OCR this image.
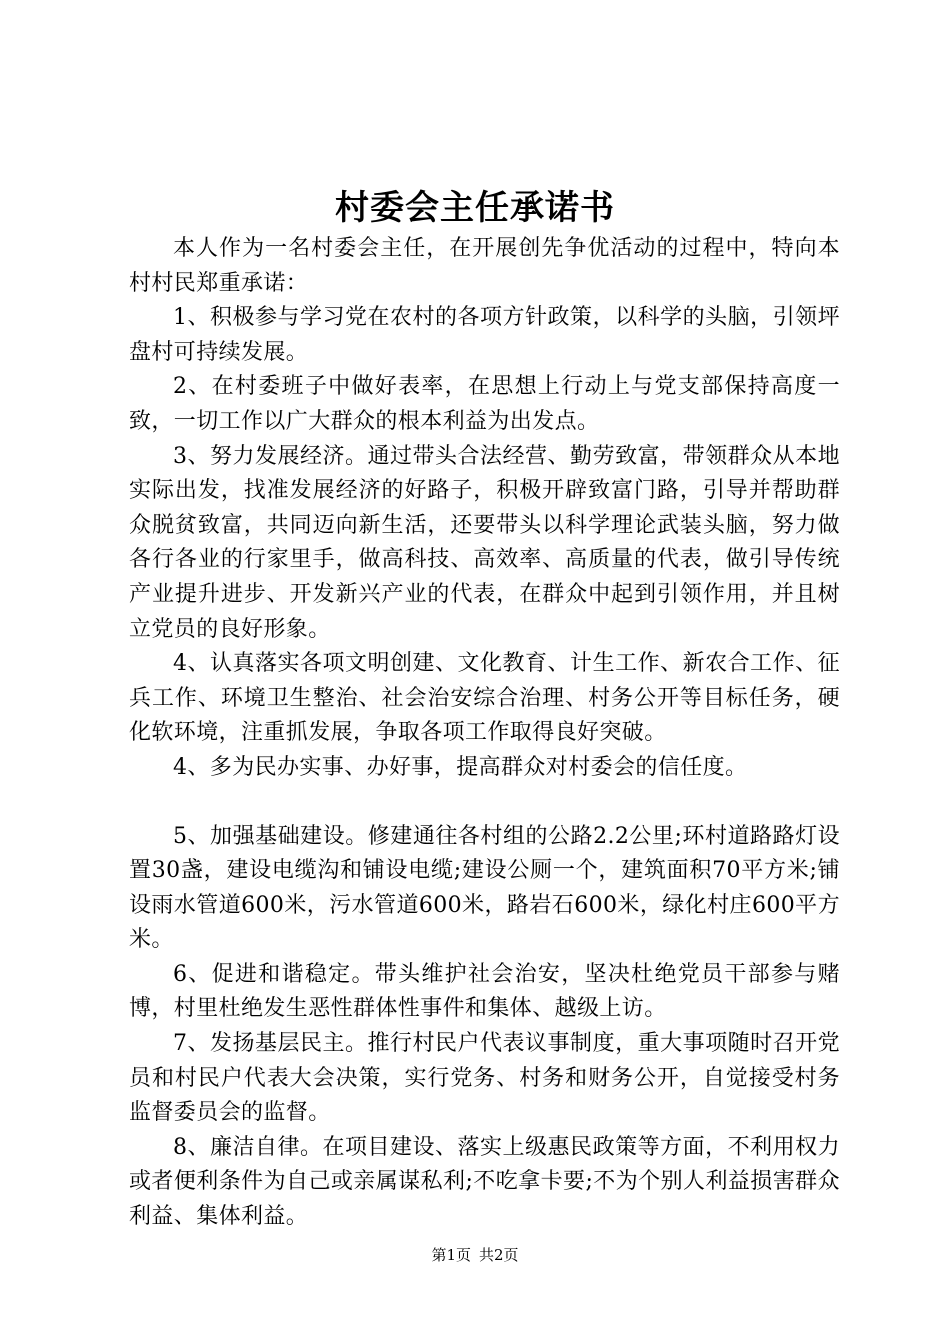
村委会主任承诺书

本人作为一名村委会主任，在开展创先争优活动的过程中，特向本村村民郑重承诺：

1、积极参与学习党在农村的各项方针政策，以科学的头脑，引领坪盘村可持续发展。

2、在村委班子中做好表率，在思想上行动上与党支部保持高度一致，一切工作以广大群众的根本利益为出发点。

3、努力发展经济。通过带头合法经营、勤劳致富，带领群众从本地实际出发，找准发展经济的好路子，积极开辟致富门路，引导并帮助群众脱贫致富，共同迈向新生活，还要带头以科学理论武装头脑，努力做各行各业的行家里手，做高科技、高效率、高质量的代表，做引导传统产业提升进步、开发新兴产业的代表，在群众中起到引领作用，并且树立党员的良好形象。

4、认真落实各项文明创建、文化教育、计生工作、新农合工作、征兵工作、环境卫生整治、社会治安综合治理、村务公开等目标任务，硬化软环境，注重抓发展，争取各项工作取得良好突破。

4、多为民办实事、办好事，提高群众对村委会的信任度。

5、加强基础建设。修建通往各村组的公路2.2公里;环村道路路灯设置30盏，建设电缆沟和铺设电缆;建设公厕一个，建筑面积70平方米;铺设雨水管道600米，污水管道600米，路岩石600米，绿化村庄600平方米。

6、促进和谐稳定。带头维护社会治安，坚决杜绝党员干部参与赌博，村里杜绝发生恶性群体性事件和集体、越级上访。

7、发扬基层民主。推行村民户代表议事制度，重大事项随时召开党员和村民户代表大会决策，实行党务、村务和财务公开，自觉接受村务监督委员会的监督。

8、廉洁自律。在项目建设、落实上级惠民政策等方面，不利用权力或者便利条件为自己或亲属谋私利;不吃拿卡要;不为个别人利益损害群众利益、集体利益。

第1页 共2页
